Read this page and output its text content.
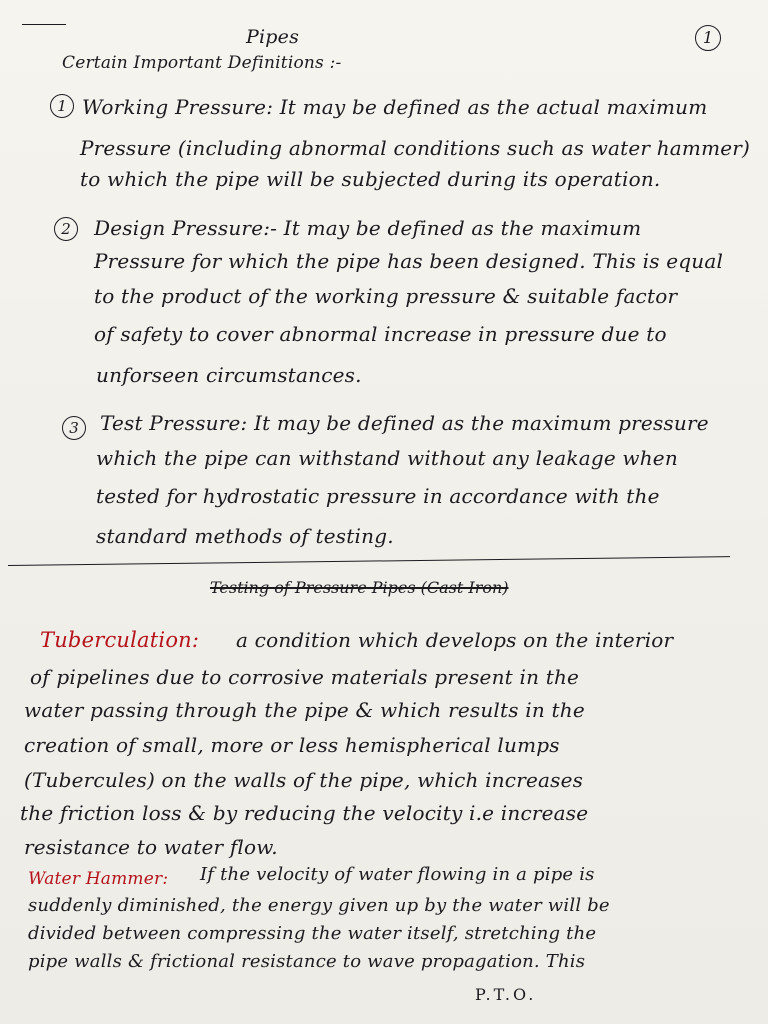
Pipes	1
Certain Important Definitions :-
1 Working Pressure: It may be defined as the actual maximum
Pressure (including abnormal conditions such as water hammer)
to which the pipe will be subjected during its operation.
2	Design Pressure:- It may be defined as the maximum
Pressure for which the pipe has been designed. This is equal
to the product of the working pressure & suitable factor
of safety to cover abnormal increase in pressure due to
unforseen circumstances.
3	Test Pressure: It may be defined as the maximum pressure
which the pipe can withstand without any leakage when
tested for hydrostatic pressure in accordance with the
standard methods of testing.
Testing of Pressure Pipes (Cast Iron)
Tuberculation: a condition which develops on the interior
of pipelines due to corrosive materials present in the
water passing through the pipe & which results in the
creation of small, more or less hemispherical lumps
(Tubercules) on the walls of the pipe, which increases
the friction loss & by reducing the velocity i.e increase
resistance to water flow.
Water Hammer: If the velocity of water flowing in a pipe is
suddenly diminished, the energy given up by the water will be
divided between compressing the water itself, stretching the
pipe walls & frictional resistance to wave propagation. This
P.T.O.
